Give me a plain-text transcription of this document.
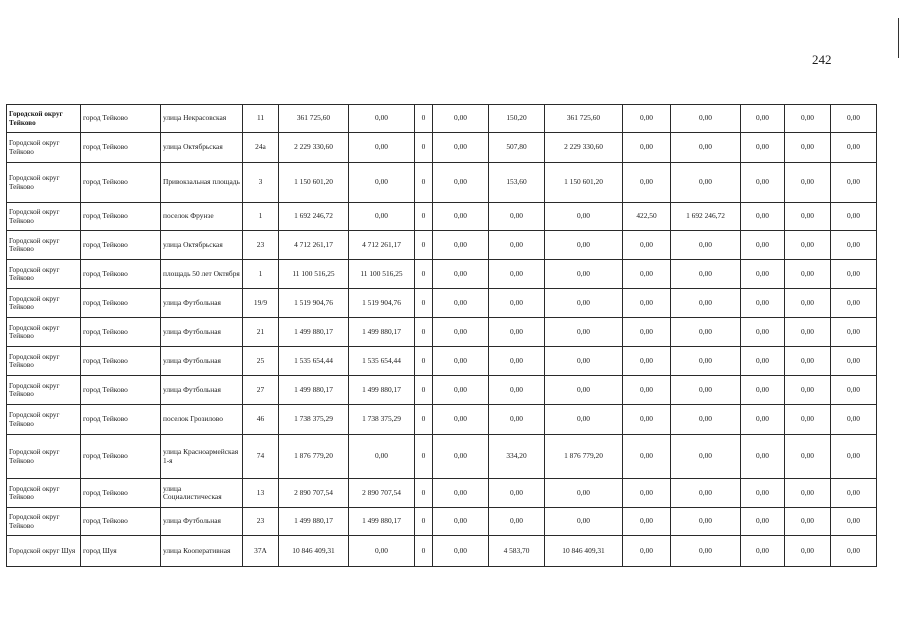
242
Городской округ Тейково	город Тейково	улица Некрасовская	11	361 725,60	0,00	0	0,00	150,20	361 725,60	0,00	0,00	0,00	0,00	0,00
Городской округ Тейково	город Тейково	улица Октябрьская	24а	2 229 330,60	0,00	0	0,00	507,80	2 229 330,60	0,00	0,00	0,00	0,00	0,00
Городской округ Тейково	город Тейково	Привокзальная площадь	3	1 150 601,20	0,00	0	0,00	153,60	1 150 601,20	0,00	0,00	0,00	0,00	0,00
Городской округ Тейково	город Тейково	поселок Фрунзе	1	1 692 246,72	0,00	0	0,00	0,00	0,00	422,50	1 692 246,72	0,00	0,00	0,00
Городской округ Тейково	город Тейково	улица Октябрьская	23	4 712 261,17	4 712 261,17	0	0,00	0,00	0,00	0,00	0,00	0,00	0,00	0,00
Городской округ Тейково	город Тейково	площадь 50 лет Октября	1	11 100 516,25	11 100 516,25	0	0,00	0,00	0,00	0,00	0,00	0,00	0,00	0,00
Городской округ Тейково	город Тейково	улица Футбольная	19/9	1 519 904,76	1 519 904,76	0	0,00	0,00	0,00	0,00	0,00	0,00	0,00	0,00
Городской округ Тейково	город Тейково	улица Футбольная	21	1 499 880,17	1 499 880,17	0	0,00	0,00	0,00	0,00	0,00	0,00	0,00	0,00
Городской округ Тейково	город Тейково	улица Футбольная	25	1 535 654,44	1 535 654,44	0	0,00	0,00	0,00	0,00	0,00	0,00	0,00	0,00
Городской округ Тейково	город Тейково	улица Футбольная	27	1 499 880,17	1 499 880,17	0	0,00	0,00	0,00	0,00	0,00	0,00	0,00	0,00
Городской округ Тейково	город Тейково	поселок Грозилово	46	1 738 375,29	1 738 375,29	0	0,00	0,00	0,00	0,00	0,00	0,00	0,00	0,00
Городской округ Тейково	город Тейково	улица Красноармейская 1-я	74	1 876 779,20	0,00	0	0,00	334,20	1 876 779,20	0,00	0,00	0,00	0,00	0,00
Городской округ Тейково	город Тейково	улица Социалистическая	13	2 890 707,54	2 890 707,54	0	0,00	0,00	0,00	0,00	0,00	0,00	0,00	0,00
Городской округ Тейково	город Тейково	улица Футбольная	23	1 499 880,17	1 499 880,17	0	0,00	0,00	0,00	0,00	0,00	0,00	0,00	0,00
Городской округ Шуя	город Шуя	улица Кооперативная	37А	10 846 409,31	0,00	0	0,00	4 583,70	10 846 409,31	0,00	0,00	0,00	0,00	0,00
